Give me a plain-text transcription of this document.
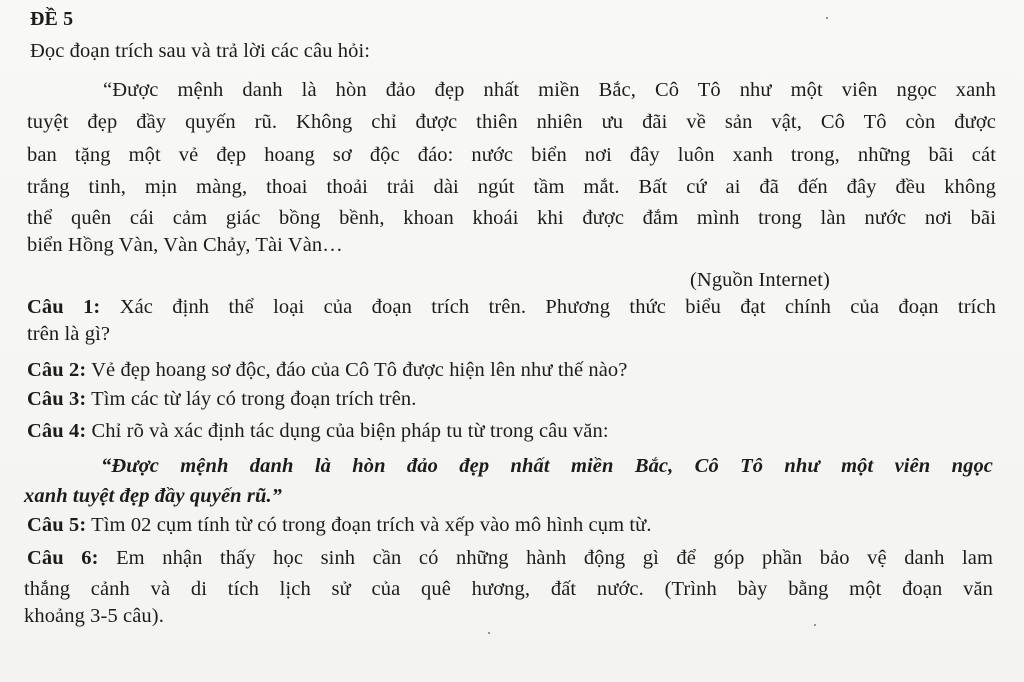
ĐỀ 5
Đọc đoạn trích sau và trả lời các câu hỏi:
“Được mệnh danh là hòn đảo đẹp nhất miền Bắc, Cô Tô như một viên ngọc xanh
tuyệt đẹp đầy quyến rũ. Không chỉ được thiên nhiên ưu đãi về sản vật, Cô Tô còn được
ban tặng một vẻ đẹp hoang sơ độc đáo: nước biển nơi đây luôn xanh trong, những bãi cát
trắng tinh, mịn màng, thoai thoải trải dài ngút tầm mắt. Bất cứ ai đã đến đây đều không
thể quên cái cảm giác bồng bềnh, khoan khoái khi được đắm mình trong làn nước nơi bãi
biển Hồng Vàn, Vàn Chảy, Tài Vàn…
(Nguồn Internet)
Câu 1: Xác định thể loại của đoạn trích trên. Phương thức biểu đạt chính của đoạn trích
trên là gì?
Câu 2: Vẻ đẹp hoang sơ độc, đáo của Cô Tô được hiện lên như thế nào?
Câu 3: Tìm các từ láy có trong đoạn trích trên.
Câu 4: Chỉ rõ và xác định tác dụng của biện pháp tu từ trong câu văn:
“Được mệnh danh là hòn đảo đẹp nhất miền Bắc, Cô Tô như một viên ngọc
xanh tuyệt đẹp đầy quyến rũ.”
Câu 5: Tìm 02 cụm tính từ có trong đoạn trích và xếp vào mô hình cụm từ.
Câu 6: Em nhận thấy học sinh cần có những hành động gì để góp phần bảo vệ danh lam
thắng cảnh và di tích lịch sử của quê hương, đất nước. (Trình bày bằng một đoạn văn
khoảng 3-5 câu).
